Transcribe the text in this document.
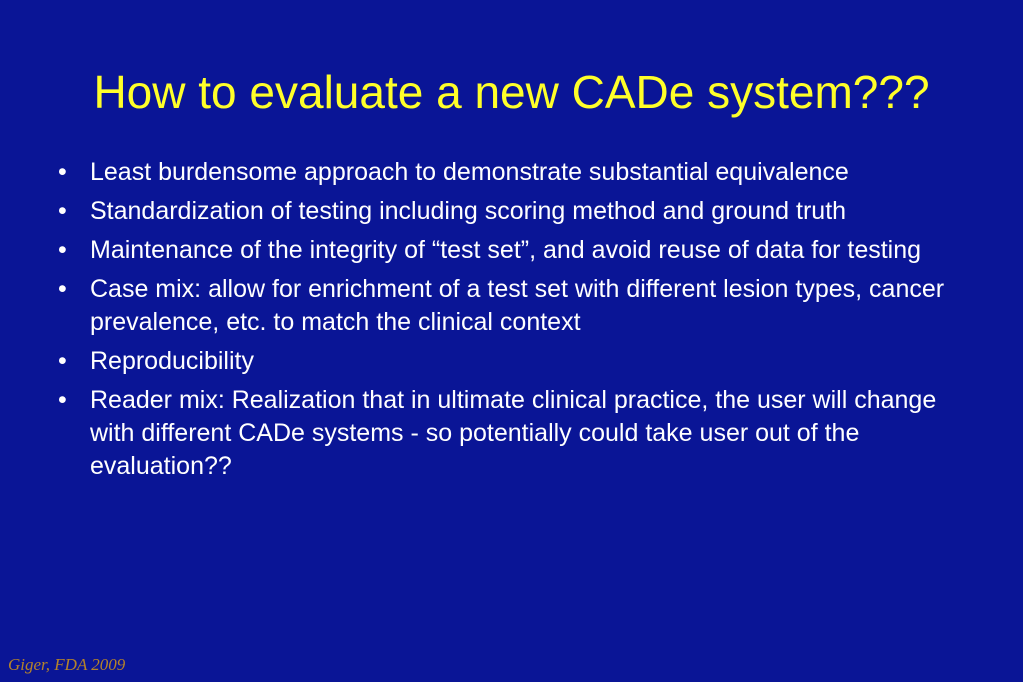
How to evaluate a new CADe system???
• Least burdensome approach to demonstrate substantial equivalence
• Standardization of testing including scoring method and ground truth
• Maintenance of the integrity of “test set”, and avoid reuse of data for testing
• Case mix: allow for enrichment of a test set with different lesion types, cancer prevalence, etc. to match the clinical context
• Reproducibility
• Reader mix: Realization that in ultimate clinical practice, the user will change with different CADe systems - so potentially could take user out of the evaluation??
Giger, FDA 2009
